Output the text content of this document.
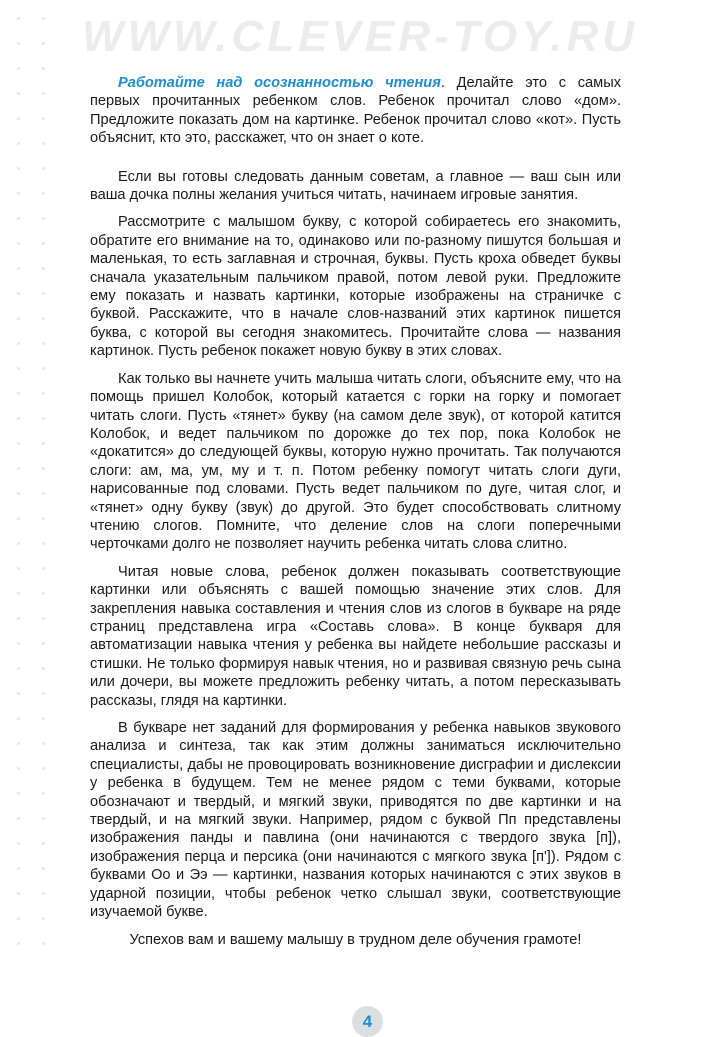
WWW.CLEVER-TOY.RU

Работайте над осознанностью чтения. Делайте это с самых первых прочитанных ребенком слов. Ребенок прочитал слово «дом». Предложите показать дом на картинке. Ребенок прочитал слово «кот». Пусть объяснит, кто это, расскажет, что он знает о коте.

Если вы готовы следовать данным советам, а главное — ваш сын или ваша дочка полны желания учиться читать, начинаем игровые занятия.

Рассмотрите с малышом букву, с которой собираетесь его знакомить, обратите его внимание на то, одинаково или по-разному пишутся большая и маленькая, то есть заглавная и строчная, буквы. Пусть кроха обведет буквы сначала указательным пальчиком правой, потом левой руки. Предложите ему показать и назвать картинки, которые изображены на страничке с буквой. Расскажите, что в начале слов-названий этих картинок пишется буква, с которой вы сегодня знакомитесь. Прочитайте слова — названия картинок. Пусть ребенок покажет новую букву в этих словах.

Как только вы начнете учить малыша читать слоги, объясните ему, что на помощь пришел Колобок, который катается с горки на горку и помогает читать слоги. Пусть «тянет» букву (на самом деле звук), от которой катится Колобок, и ведет пальчиком по дорожке до тех пор, пока Колобок не «докатится» до следующей буквы, которую нужно прочитать. Так получаются слоги: ам, ма, ум, му и т. п. Потом ребенку помогут читать слоги дуги, нарисованные под словами. Пусть ведет пальчиком по дуге, читая слог, и «тянет» одну букву (звук) до другой. Это будет способствовать слитному чтению слогов. Помните, что деление слов на слоги поперечными черточками долго не позволяет научить ребенка читать слова слитно.

Читая новые слова, ребенок должен показывать соответствующие картинки или объяснять с вашей помощью значение этих слов. Для закрепления навыка составления и чтения слов из слогов в букваре на ряде страниц представлена игра «Составь слова». В конце букваря для автоматизации навыка чтения у ребенка вы найдете небольшие рассказы и стишки. Не только формируя навык чтения, но и развивая связную речь сына или дочери, вы можете предложить ребенку читать, а потом пересказывать рассказы, глядя на картинки.

В букваре нет заданий для формирования у ребенка навыков звукового анализа и синтеза, так как этим должны заниматься исключительно специалисты, дабы не провоцировать возникновение дисграфии и дислексии у ребенка в будущем. Тем не менее рядом с теми буквами, которые обозначают и твердый, и мягкий звуки, приводятся по две картинки и на твердый, и на мягкий звуки. Например, рядом с буквой Пп представлены изображения панды и павлина (они начинаются с твердого звука [п]), изображения перца и персика (они начинаются с мягкого звука [п']). Рядом с буквами Оо и Ээ — картинки, названия которых начинаются с этих звуков в ударной позиции, чтобы ребенок четко слышал звуки, соответствующие изучаемой букве.

Успехов вам и вашему малышу в трудном деле обучения грамоте!

4
